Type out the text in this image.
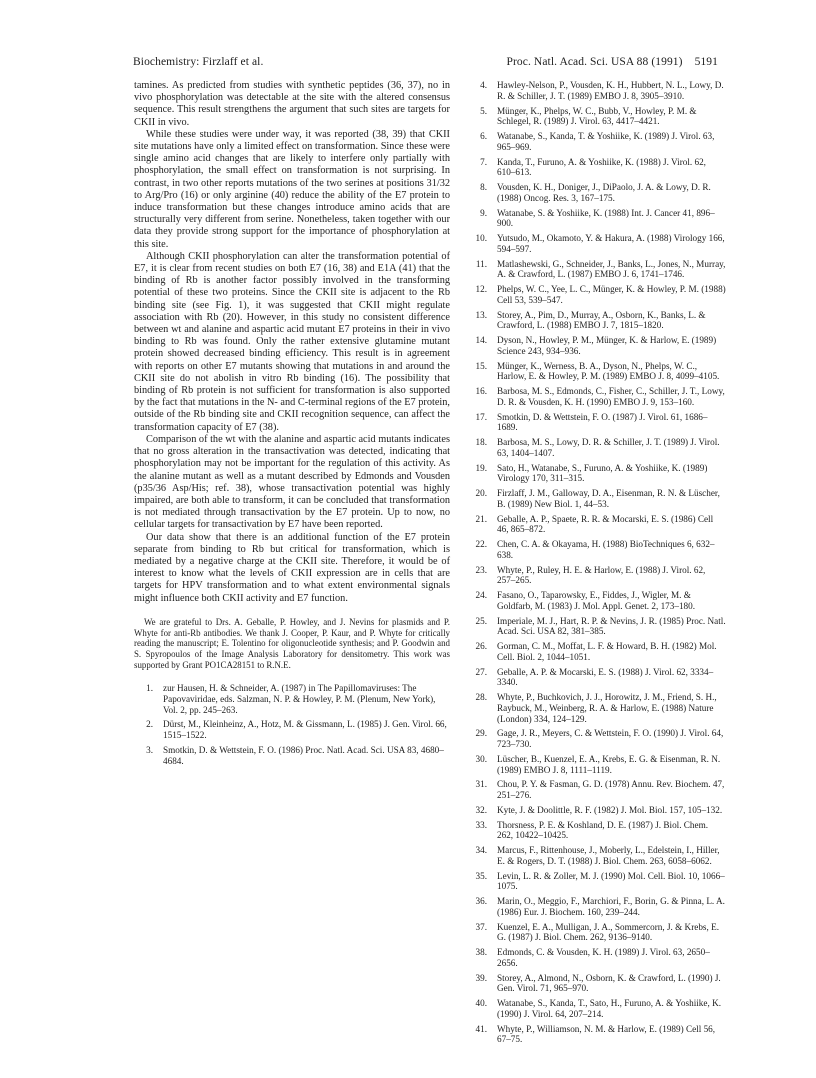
Biochemistry: Firzlaff et al.	Proc. Natl. Acad. Sci. USA 88 (1991) 5191

tamines. As predicted from studies with synthetic peptides (36, 37), no in vivo phosphorylation was detectable at the site with the altered consensus sequence. This result strengthens the argument that such sites are targets for CKII in vivo.

While these studies were under way, it was reported (38, 39) that CKII site mutations have only a limited effect on transformation. Since these were single amino acid changes that are likely to interfere only partially with phosphorylation, the small effect on transformation is not surprising. In contrast, in two other reports mutations of the two serines at positions 31/32 to Arg/Pro (16) or only arginine (40) reduce the ability of the E7 protein to induce transformation but these changes introduce amino acids that are structurally very different from serine. Nonetheless, taken together with our data they provide strong support for the importance of phosphorylation at this site.

Although CKII phosphorylation can alter the transformation potential of E7, it is clear from recent studies on both E7 (16, 38) and E1A (41) that the binding of Rb is another factor possibly involved in the transforming potential of these two proteins. Since the CKII site is adjacent to the Rb binding site (see Fig. 1), it was suggested that CKII might regulate association with Rb (20). However, in this study no consistent difference between wt and alanine and aspartic acid mutant E7 proteins in their in vivo binding to Rb was found. Only the rather extensive glutamine mutant protein showed decreased binding efficiency. This result is in agreement with reports on other E7 mutants showing that mutations in and around the CKII site do not abolish in vitro Rb binding (16). The possibility that binding of Rb protein is not sufficient for transformation is also supported by the fact that mutations in the N- and C-terminal regions of the E7 protein, outside of the Rb binding site and CKII recognition sequence, can affect the transformation capacity of E7 (38).

Comparison of the wt with the alanine and aspartic acid mutants indicates that no gross alteration in the transactivation was detected, indicating that phosphorylation may not be important for the regulation of this activity. As the alanine mutant as well as a mutant described by Edmonds and Vousden (p35/36 Asp/His; ref. 38), whose transactivation potential was highly impaired, are both able to transform, it can be concluded that transformation is not mediated through transactivation by the E7 protein. Up to now, no cellular targets for transactivation by E7 have been reported.

Our data show that there is an additional function of the E7 protein separate from binding to Rb but critical for transformation, which is mediated by a negative charge at the CKII site. Therefore, it would be of interest to know what the levels of CKII expression are in cells that are targets for HPV transformation and to what extent environmental signals might influence both CKII activity and E7 function.

We are grateful to Drs. A. Geballe, P. Howley, and J. Nevins for plasmids and P. Whyte for anti-Rb antibodies. We thank J. Cooper, P. Kaur, and P. Whyte for critically reading the manuscript; E. Tolentino for oligonucleotide synthesis; and P. Goodwin and S. Spyropoulos of the Image Analysis Laboratory for densitometry. This work was supported by Grant PO1CA28151 to R.N.E.

1. zur Hausen, H. & Schneider, A. (1987) in The Papillomaviruses: The Papovaviridae, eds. Salzman, N. P. & Howley, P. M. (Plenum, New York), Vol. 2, pp. 245–263.
2. Dürst, M., Kleinheinz, A., Hotz, M. & Gissmann, L. (1985) J. Gen. Virol. 66, 1515–1522.
3. Smotkin, D. & Wettstein, F. O. (1986) Proc. Natl. Acad. Sci. USA 83, 4680–4684.
4. Hawley-Nelson, P., Vousden, K. H., Hubbert, N. L., Lowy, D. R. & Schiller, J. T. (1989) EMBO J. 8, 3905–3910.
5. Münger, K., Phelps, W. C., Bubb, V., Howley, P. M. & Schlegel, R. (1989) J. Virol. 63, 4417–4421.
6. Watanabe, S., Kanda, T. & Yoshiike, K. (1989) J. Virol. 63, 965–969.
7. Kanda, T., Furuno, A. & Yoshiike, K. (1988) J. Virol. 62, 610–613.
8. Vousden, K. H., Doniger, J., DiPaolo, J. A. & Lowy, D. R. (1988) Oncog. Res. 3, 167–175.
9. Watanabe, S. & Yoshiike, K. (1988) Int. J. Cancer 41, 896–900.
10. Yutsudo, M., Okamoto, Y. & Hakura, A. (1988) Virology 166, 594–597.
11. Matlashewski, G., Schneider, J., Banks, L., Jones, N., Murray, A. & Crawford, L. (1987) EMBO J. 6, 1741–1746.
12. Phelps, W. C., Yee, L. C., Münger, K. & Howley, P. M. (1988) Cell 53, 539–547.
13. Storey, A., Pim, D., Murray, A., Osborn, K., Banks, L. & Crawford, L. (1988) EMBO J. 7, 1815–1820.
14. Dyson, N., Howley, P. M., Münger, K. & Harlow, E. (1989) Science 243, 934–936.
15. Münger, K., Werness, B. A., Dyson, N., Phelps, W. C., Harlow, E. & Howley, P. M. (1989) EMBO J. 8, 4099–4105.
16. Barbosa, M. S., Edmonds, C., Fisher, C., Schiller, J. T., Lowy, D. R. & Vousden, K. H. (1990) EMBO J. 9, 153–160.
17. Smotkin, D. & Wettstein, F. O. (1987) J. Virol. 61, 1686–1689.
18. Barbosa, M. S., Lowy, D. R. & Schiller, J. T. (1989) J. Virol. 63, 1404–1407.
19. Sato, H., Watanabe, S., Furuno, A. & Yoshiike, K. (1989) Virology 170, 311–315.
20. Firzlaff, J. M., Galloway, D. A., Eisenman, R. N. & Lüscher, B. (1989) New Biol. 1, 44–53.
21. Geballe, A. P., Spaete, R. R. & Mocarski, E. S. (1986) Cell 46, 865–872.
22. Chen, C. A. & Okayama, H. (1988) BioTechniques 6, 632–638.
23. Whyte, P., Ruley, H. E. & Harlow, E. (1988) J. Virol. 62, 257–265.
24. Fasano, O., Taparowsky, E., Fiddes, J., Wigler, M. & Goldfarb, M. (1983) J. Mol. Appl. Genet. 2, 173–180.
25. Imperiale, M. J., Hart, R. P. & Nevins, J. R. (1985) Proc. Natl. Acad. Sci. USA 82, 381–385.
26. Gorman, C. M., Moffat, L. F. & Howard, B. H. (1982) Mol. Cell. Biol. 2, 1044–1051.
27. Geballe, A. P. & Mocarski, E. S. (1988) J. Virol. 62, 3334–3340.
28. Whyte, P., Buchkovich, J. J., Horowitz, J. M., Friend, S. H., Raybuck, M., Weinberg, R. A. & Harlow, E. (1988) Nature (London) 334, 124–129.
29. Gage, J. R., Meyers, C. & Wettstein, F. O. (1990) J. Virol. 64, 723–730.
30. Lüscher, B., Kuenzel, E. A., Krebs, E. G. & Eisenman, R. N. (1989) EMBO J. 8, 1111–1119.
31. Chou, P. Y. & Fasman, G. D. (1978) Annu. Rev. Biochem. 47, 251–276.
32. Kyte, J. & Doolittle, R. F. (1982) J. Mol. Biol. 157, 105–132.
33. Thorsness, P. E. & Koshland, D. E. (1987) J. Biol. Chem. 262, 10422–10425.
34. Marcus, F., Rittenhouse, J., Moberly, L., Edelstein, I., Hiller, E. & Rogers, D. T. (1988) J. Biol. Chem. 263, 6058–6062.
35. Levin, L. R. & Zoller, M. J. (1990) Mol. Cell. Biol. 10, 1066–1075.
36. Marin, O., Meggio, F., Marchiori, F., Borin, G. & Pinna, L. A. (1986) Eur. J. Biochem. 160, 239–244.
37. Kuenzel, E. A., Mulligan, J. A., Sommercorn, J. & Krebs, E. G. (1987) J. Biol. Chem. 262, 9136–9140.
38. Edmonds, C. & Vousden, K. H. (1989) J. Virol. 63, 2650–2656.
39. Storey, A., Almond, N., Osborn, K. & Crawford, L. (1990) J. Gen. Virol. 71, 965–970.
40. Watanabe, S., Kanda, T., Sato, H., Furuno, A. & Yoshiike, K. (1990) J. Virol. 64, 207–214.
41. Whyte, P., Williamson, N. M. & Harlow, E. (1989) Cell 56, 67–75.
